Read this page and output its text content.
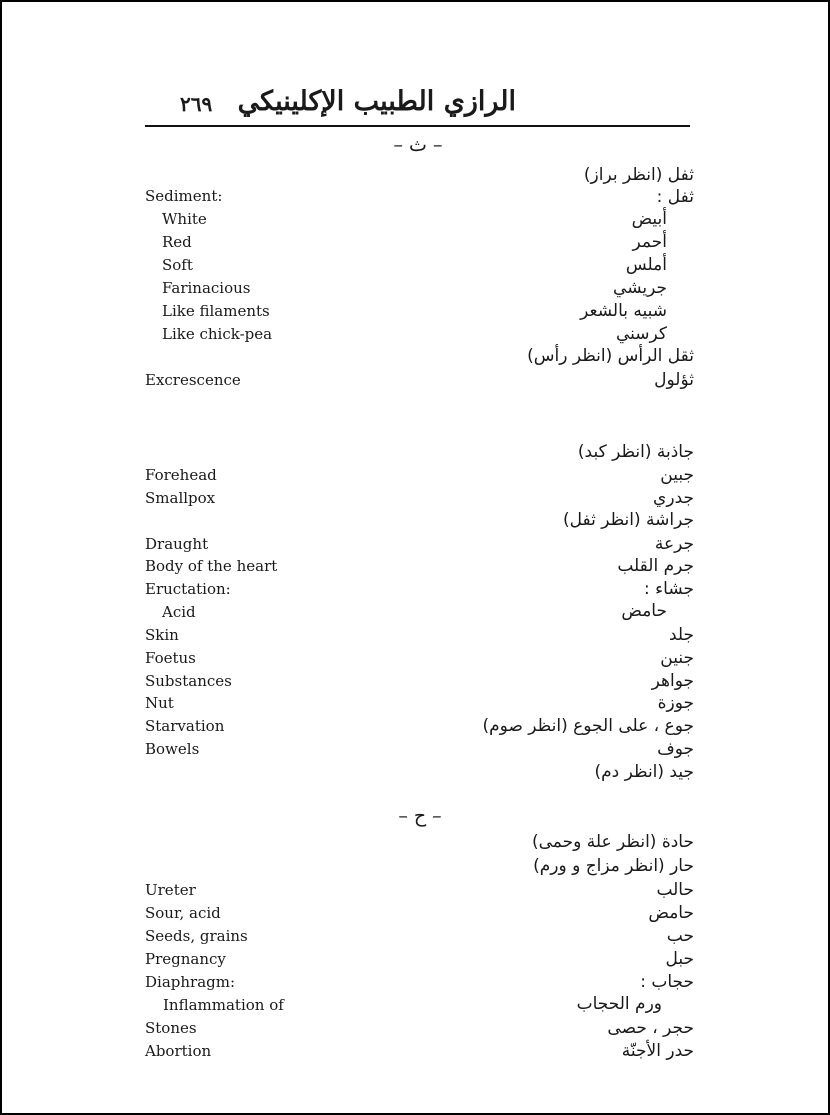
٢٦٩ الرازي الطبيب الإكلينيكي
– ث –
ثفل (انظر براز)
Sediment:	ثفل :
White	أبيض
Red	أحمر
Soft	أملس
Farinacious	جريشي
Like filaments	شبيه بالشعر
Like chick-pea	كرسني
ثقل الرأس (انظر رأس)
Excrescence	ثؤلول
جاذبة (انظر كبد)
Forehead	جبين
Smallpox	جدري
جراشة (انظر ثفل)
Draught	جرعة
Body of the heart	جرم القلب
Eructation:	جشاء :
Acid	حامض
Skin	جلد
Foetus	جنين
Substances	جواهر
Nut	جوزة
Starvation	جوع ، على الجوع (انظر صوم)
Bowels	جوف
جيد (انظر دم)
– ح –
حادة (انظر علة وحمى)
حار (انظر مزاج و ورم)
Ureter	حالب
Sour, acid	حامض
Seeds, grains	حب
Pregnancy	حبل
Diaphragm:	حجاب :
Inflammation of	ورم الحجاب
Stones	حجر ، حصى
Abortion	حدر الأجنّة
